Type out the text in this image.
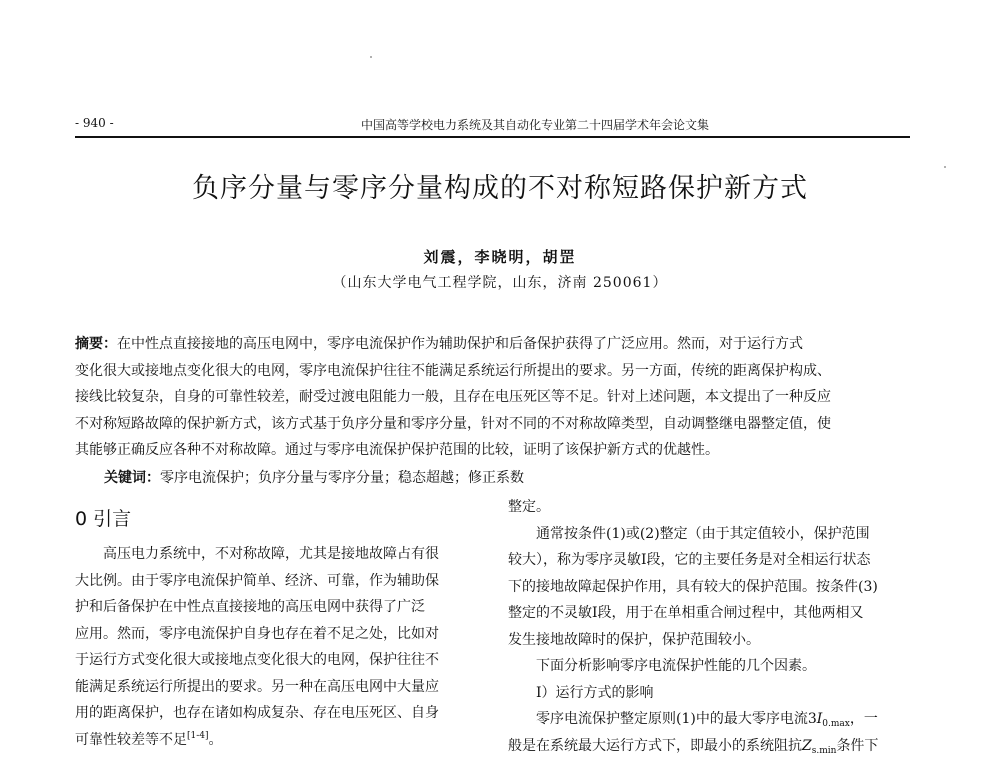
- 940 -	中国高等学校电力系统及其自动化专业第二十四届学术年会论文集
负序分量与零序分量构成的不对称短路保护新方式
刘震，李晓明，胡罡
（山东大学电气工程学院，山东，济南 250061）
摘要：在中性点直接接地的高压电网中，零序电流保护作为辅助保护和后备保护获得了广泛应用。然而，对于运行方式
变化很大或接地点变化很大的电网，零序电流保护往往不能满足系统运行所提出的要求。另一方面，传统的距离保护构成、
接线比较复杂，自身的可靠性较差，耐受过渡电阻能力一般，且存在电压死区等不足。针对上述问题，本文提出了一种反应
不对称短路故障的保护新方式，该方式基于负序分量和零序分量，针对不同的不对称故障类型，自动调整继电器整定值，使
其能够正确反应各种不对称故障。通过与零序电流保护保护范围的比较，证明了该保护新方式的优越性。
关键词：零序电流保护；负序分量与零序分量；稳态超越；修正系数
0 引言
　　高压电力系统中，不对称故障，尤其是接地故障占有很
大比例。由于零序电流保护简单、经济、可靠，作为辅助保
护和后备保护在中性点直接接地的高压电网中获得了广泛
应用。然而，零序电流保护自身也存在着不足之处，比如对
于运行方式变化很大或接地点变化很大的电网，保护往往不
能满足系统运行所提出的要求。另一种在高压电网中大量应
用的距离保护，也存在诸如构成复杂、存在电压死区、自身
可靠性较差等不足[1-4]。
整定。
　　通常按条件(1)或(2)整定（由于其定值较小，保护范围
较大），称为零序灵敏I段，它的主要任务是对全相运行状态
下的接地故障起保护作用，具有较大的保护范围。按条件(3)
整定的不灵敏I段，用于在单相重合闸过程中，其他两相又
发生接地故障时的保护，保护范围较小。
　　下面分析影响零序电流保护性能的几个因素。
　　I）运行方式的影响
　　零序电流保护整定原则(1)中的最大零序电流$3I_{0.max}$，一
般是在系统最大运行方式下，即最小的系统阻抗$Z_{s.min}$条件下
